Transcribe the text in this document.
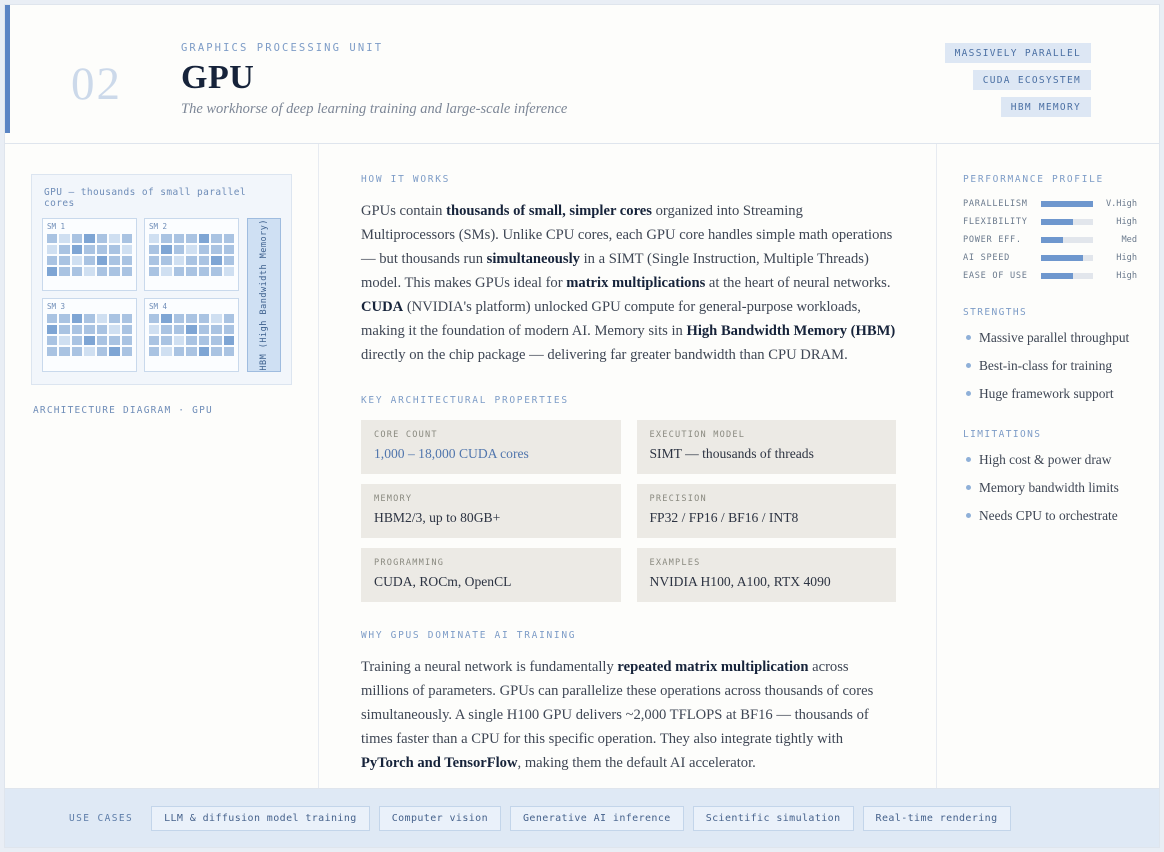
02
GRAPHICS PROCESSING UNIT
GPU
The workhorse of deep learning training and large-scale inference
MASSIVELY PARALLEL
CUDA ECOSYSTEM
HBM MEMORY
GPU — thousands of small parallel cores
SM 1	SM 2
SM 3	SM 4	HBM (High Bandwidth Memory)
ARCHITECTURE DIAGRAM · GPU
HOW IT WORKS

GPUs contain thousands of small, simpler cores organized into Streaming Multiprocessors (SMs). Unlike CPU cores, each GPU core handles simple math operations — but thousands run simultaneously in a SIMT (Single Instruction, Multiple Threads) model. This makes GPUs ideal for matrix multiplications at the heart of neural networks. CUDA (NVIDIA's platform) unlocked GPU compute for general-purpose workloads, making it the foundation of modern AI. Memory sits in High Bandwidth Memory (HBM) directly on the chip package — delivering far greater bandwidth than CPU DRAM.

KEY ARCHITECTURAL PROPERTIES
CORE COUNT
1,000 – 18,000 CUDA cores
EXECUTION MODEL
SIMT — thousands of threads
MEMORY
HBM2/3, up to 80GB+
PRECISION
FP32 / FP16 / BF16 / INT8
PROGRAMMING
CUDA, ROCm, OpenCL
EXAMPLES
NVIDIA H100, A100, RTX 4090
WHY GPUS DOMINATE AI TRAINING

Training a neural network is fundamentally repeated matrix multiplication across millions of parameters. GPUs can parallelize these operations across thousands of cores simultaneously. A single H100 GPU delivers ~2,000 TFLOPS at BF16 — thousands of times faster than a CPU for this specific operation. They also integrate tightly with PyTorch and TensorFlow, making them the default AI accelerator.

PERFORMANCE PROFILE
PARALLELISM	V.High
FLEXIBILITY	High
POWER EFF.	Med
AI SPEED	High
EASE OF USE	High
STRENGTHS
Massive parallel throughput
Best-in-class for training
Huge framework support
LIMITATIONS
High cost & power draw
Memory bandwidth limits
Needs CPU to orchestrate
USE CASES	LLM & diffusion model training	Computer vision	Generative AI inference	Scientific simulation	Real-time rendering
